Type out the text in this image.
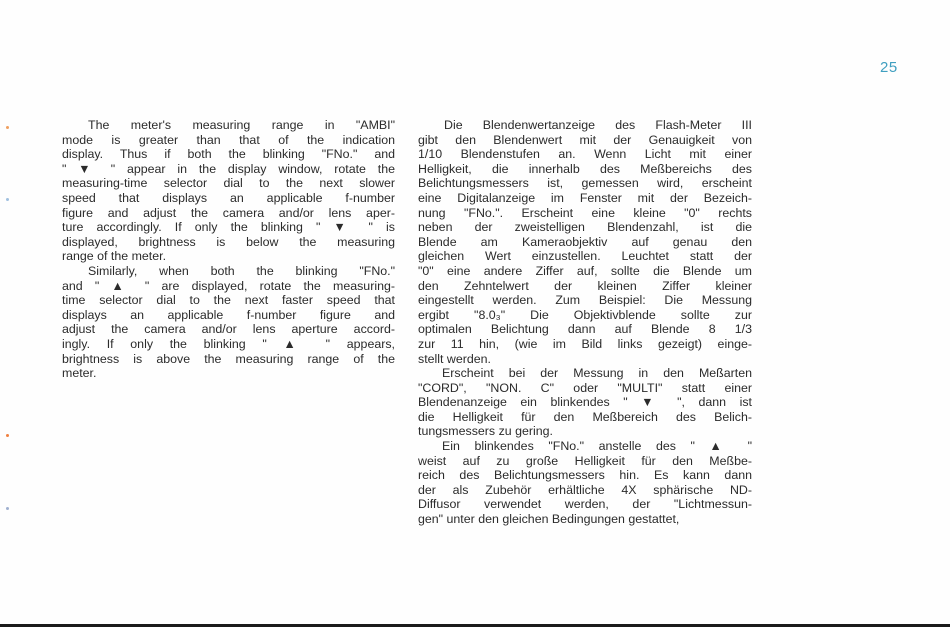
25
The meter's measuring range in "AMBI"
mode is greater than that of the indication
display. Thus if both the blinking "FNo." and
" ▼ " appear in the display window, rotate the
measuring-time selector dial to the next slower
speed that displays an applicable f-number
figure and adjust the camera and/or lens aper-
ture accordingly. If only the blinking " ▼ " is
displayed, brightness is below the measuring
range of the meter.
Similarly, when both the blinking "FNo."
and " ▲ " are displayed, rotate the measuring-
time selector dial to the next faster speed that
displays an applicable f-number figure and
adjust the camera and/or lens aperture accord-
ingly. If only the blinking " ▲ " appears,
brightness is above the measuring range of the
meter.
Die Blendenwertanzeige des Flash-Meter III
gibt den Blendenwert mit der Genauigkeit von
1/10 Blendenstufen an. Wenn Licht mit einer
Helligkeit, die innerhalb des Meßbereichs des
Belichtungsmessers ist, gemessen wird, erscheint
eine Digitalanzeige im Fenster mit der Bezeich-
nung "FNo.". Erscheint eine kleine "0" rechts
neben der zweistelligen Blendenzahl, ist die
Blende am Kameraobjektiv auf genau den
gleichen Wert einzustellen. Leuchtet statt der
"0" eine andere Ziffer auf, sollte die Blende um
den Zehntelwert der kleinen Ziffer kleiner
eingestellt werden. Zum Beispiel: Die Messung
ergibt "8.0₃" Die Objektivblende sollte zur
optimalen Belichtung dann auf Blende 8 1/3
zur 11 hin, (wie im Bild links gezeigt) einge-
stellt werden.
Erscheint bei der Messung in den Meßarten
"CORD", "NON. C" oder "MULTI" statt einer
Blendenanzeige ein blinkendes " ▼ ", dann ist
die Helligkeit für den Meßbereich des Belich-
tungsmessers zu gering.
Ein blinkendes "FNo." anstelle des " ▲ "
weist auf zu große Helligkeit für den Meßbe-
reich des Belichtungsmessers hin. Es kann dann
der als Zubehör erhältliche 4X sphärische ND-
Diffusor verwendet werden, der "Lichtmessun-
gen" unter den gleichen Bedingungen gestattet,
